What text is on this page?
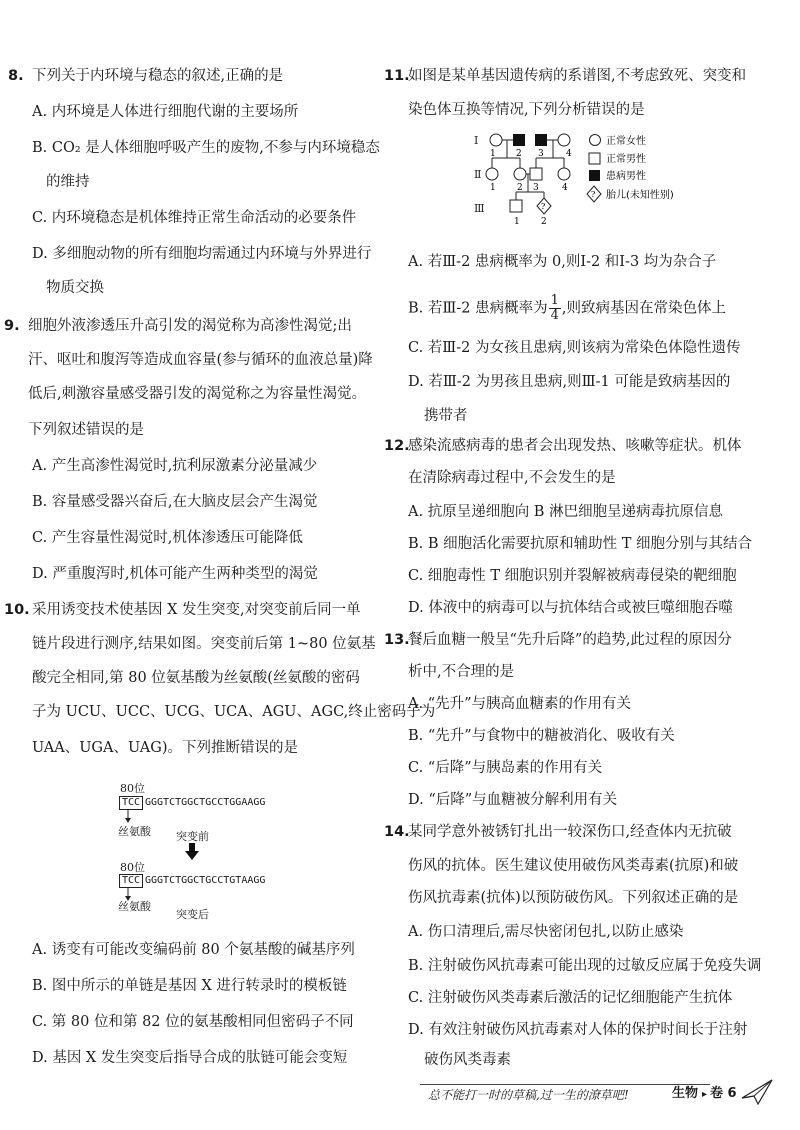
8. 下列关于内环境与稳态的叙述,正确的是
A. 内环境是人体进行细胞代谢的主要场所
B. CO₂ 是人体细胞呼吸产生的废物,不参与内环境稳态
的维持
C. 内环境稳态是机体维持正常生命活动的必要条件
D. 多细胞动物的所有细胞均需通过内环境与外界进行
物质交换
9. 细胞外液渗透压升高引发的渴觉称为高渗性渴觉;出
汗、呕吐和腹泻等造成血容量(参与循环的血液总量)降
低后,刺激容量感受器引发的渴觉称之为容量性渴觉。
下列叙述错误的是
A. 产生高渗性渴觉时,抗利尿激素分泌量减少
B. 容量感受器兴奋后,在大脑皮层会产生渴觉
C. 产生容量性渴觉时,机体渗透压可能降低
D. 严重腹泻时,机体可能产生两种类型的渴觉
10. 采用诱变技术使基因 X 发生突变,对突变前后同一单
链片段进行测序,结果如图。突变前后第 1~80 位氨基
酸完全相同,第 80 位氨基酸为丝氨酸(丝氨酸的密码
子为 UCU、UCC、UCG、UCA、AGU、AGC,终止密码子为
UAA、UGA、UAG)。下列推断错误的是
80位
TCC GGGTCTGGCTGCCTGGAAGG
丝氨酸 突变前
80位
TCC GGGTCTGGCTGCCTGTAAGG
丝氨酸
突变后
A. 诱变有可能改变编码前 80 个氨基酸的碱基序列
B. 图中所示的单链是基因 X 进行转录时的模板链
C. 第 80 位和第 82 位的氨基酸相同但密码子不同
D. 基因 X 发生突变后指导合成的肽链可能会变短
11.
如图是某单基因遗传病的系谱图,不考虑致死、突变和
染色体互换等情况,下列分析错误的是
Ⅰ
Ⅱ
Ⅲ
1 2 3 4
1 2 3	4
?
1 2
正常女性
正常男性
患病男性
? 胎儿(未知性别)
A. 若Ⅲ-2 患病概率为 0,则Ⅰ-2 和Ⅰ-3 均为杂合子
B. 若Ⅲ-2 患病概率为 $\frac{1}{4}$ ,则致病基因在常染色体上
C. 若Ⅲ-2 为女孩且患病,则该病为常染色体隐性遗传
D. 若Ⅲ-2 为男孩且患病,则Ⅲ-1 可能是致病基因的
携带者
12.
感染流感病毒的患者会出现发热、咳嗽等症状。机体
在清除病毒过程中,不会发生的是
A. 抗原呈递细胞向 B 淋巴细胞呈递病毒抗原信息
B. B 细胞活化需要抗原和辅助性 T 细胞分别与其结合
C. 细胞毒性 T 细胞识别并裂解被病毒侵染的靶细胞
D. 体液中的病毒可以与抗体结合或被巨噬细胞吞噬
13.
餐后血糖一般呈“先升后降”的趋势,此过程的原因分
析中,不合理的是
A. “先升”与胰高血糖素的作用有关
B. “先升”与食物中的糖被消化、吸收有关
C. “后降”与胰岛素的作用有关
D. “后降”与血糖被分解利用有关
14.
某同学意外被锈钉扎出一较深伤口,经查体内无抗破
伤风的抗体。医生建议使用破伤风类毒素(抗原)和破
伤风抗毒素(抗体)以预防破伤风。下列叙述正确的是
A. 伤口清理后,需尽快密闭包扎,以防止感染
B. 注射破伤风抗毒素可能出现的过敏反应属于免疫失调
C. 注射破伤风类毒素后激活的记忆细胞能产生抗体
D. 有效注射破伤风抗毒素对人体的保护时间长于注射
破伤风类毒素
总不能打一时的草稿,过一生的潦草吧!	生物 ▸ 卷 6
